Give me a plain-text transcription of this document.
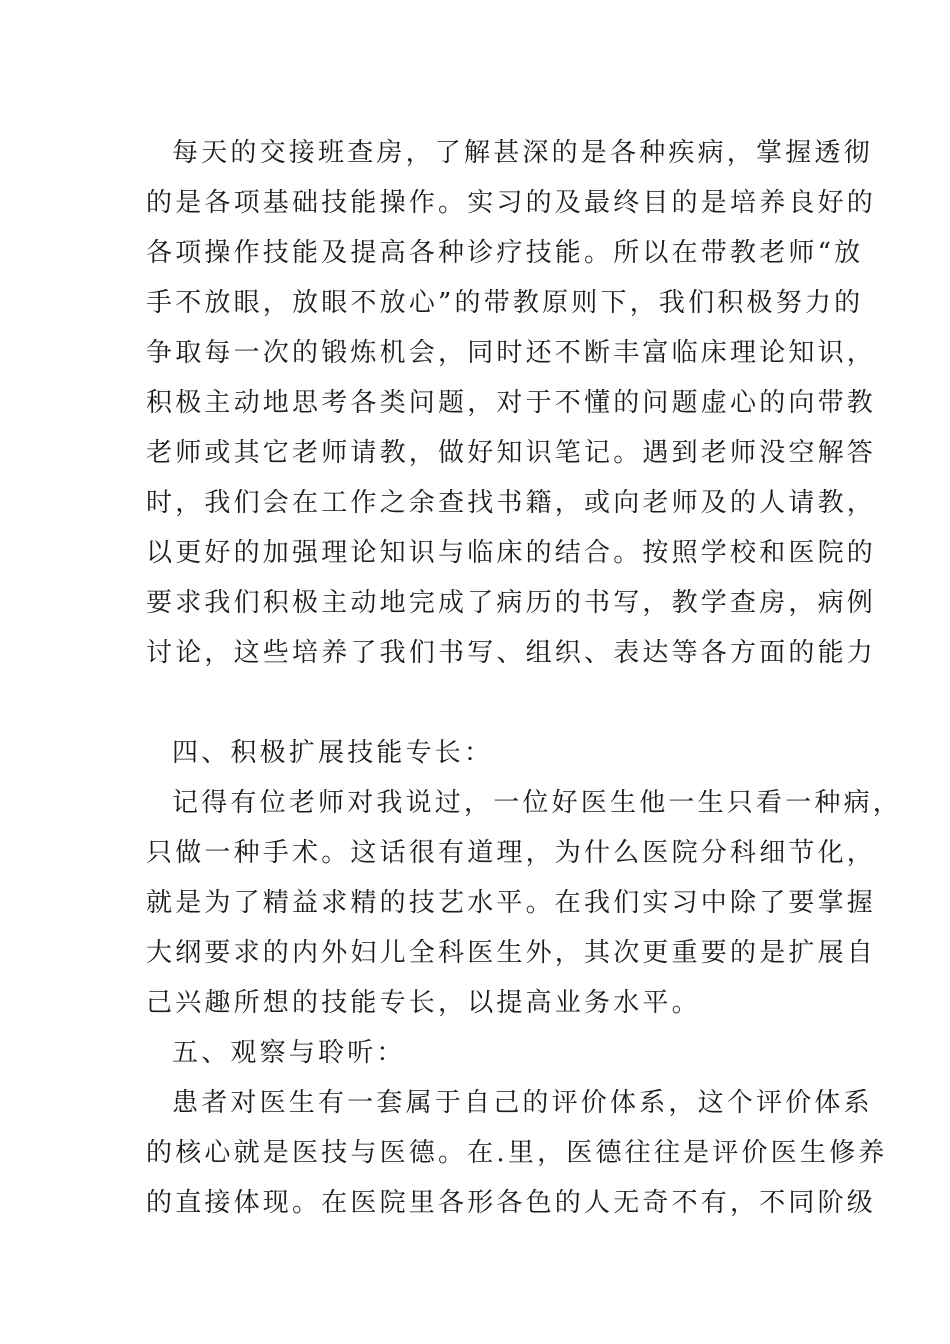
每天的交接班查房，了解甚深的是各种疾病，掌握透彻
的是各项基础技能操作。实习的及最终目的是培养良好的
各项操作技能及提高各种诊疗技能。所以在带教老师“放
手不放眼，放眼不放心”的带教原则下，我们积极努力的
争取每一次的锻炼机会，同时还不断丰富临床理论知识，
积极主动地思考各类问题，对于不懂的问题虚心的向带教
老师或其它老师请教，做好知识笔记。遇到老师没空解答
时，我们会在工作之余查找书籍，或向老师及的人请教，
以更好的加强理论知识与临床的结合。按照学校和医院的
要求我们积极主动地完成了病历的书写，教学查房，病例
讨论，这些培养了我们书写、组织、表达等各方面的能力
四、积极扩展技能专长：
记得有位老师对我说过，一位好医生他一生只看一种病，
只做一种手术。这话很有道理，为什么医院分科细节化，
就是为了精益求精的技艺水平。在我们实习中除了要掌握
大纲要求的内外妇儿全科医生外，其次更重要的是扩展自
己兴趣所想的技能专长，以提高业务水平。
五、观察与聆听：
患者对医生有一套属于自己的评价体系，这个评价体系
的核心就是医技与医德。在.里，医德往往是评价医生修养
的直接体现。在医院里各形各色的人无奇不有，不同阶级
